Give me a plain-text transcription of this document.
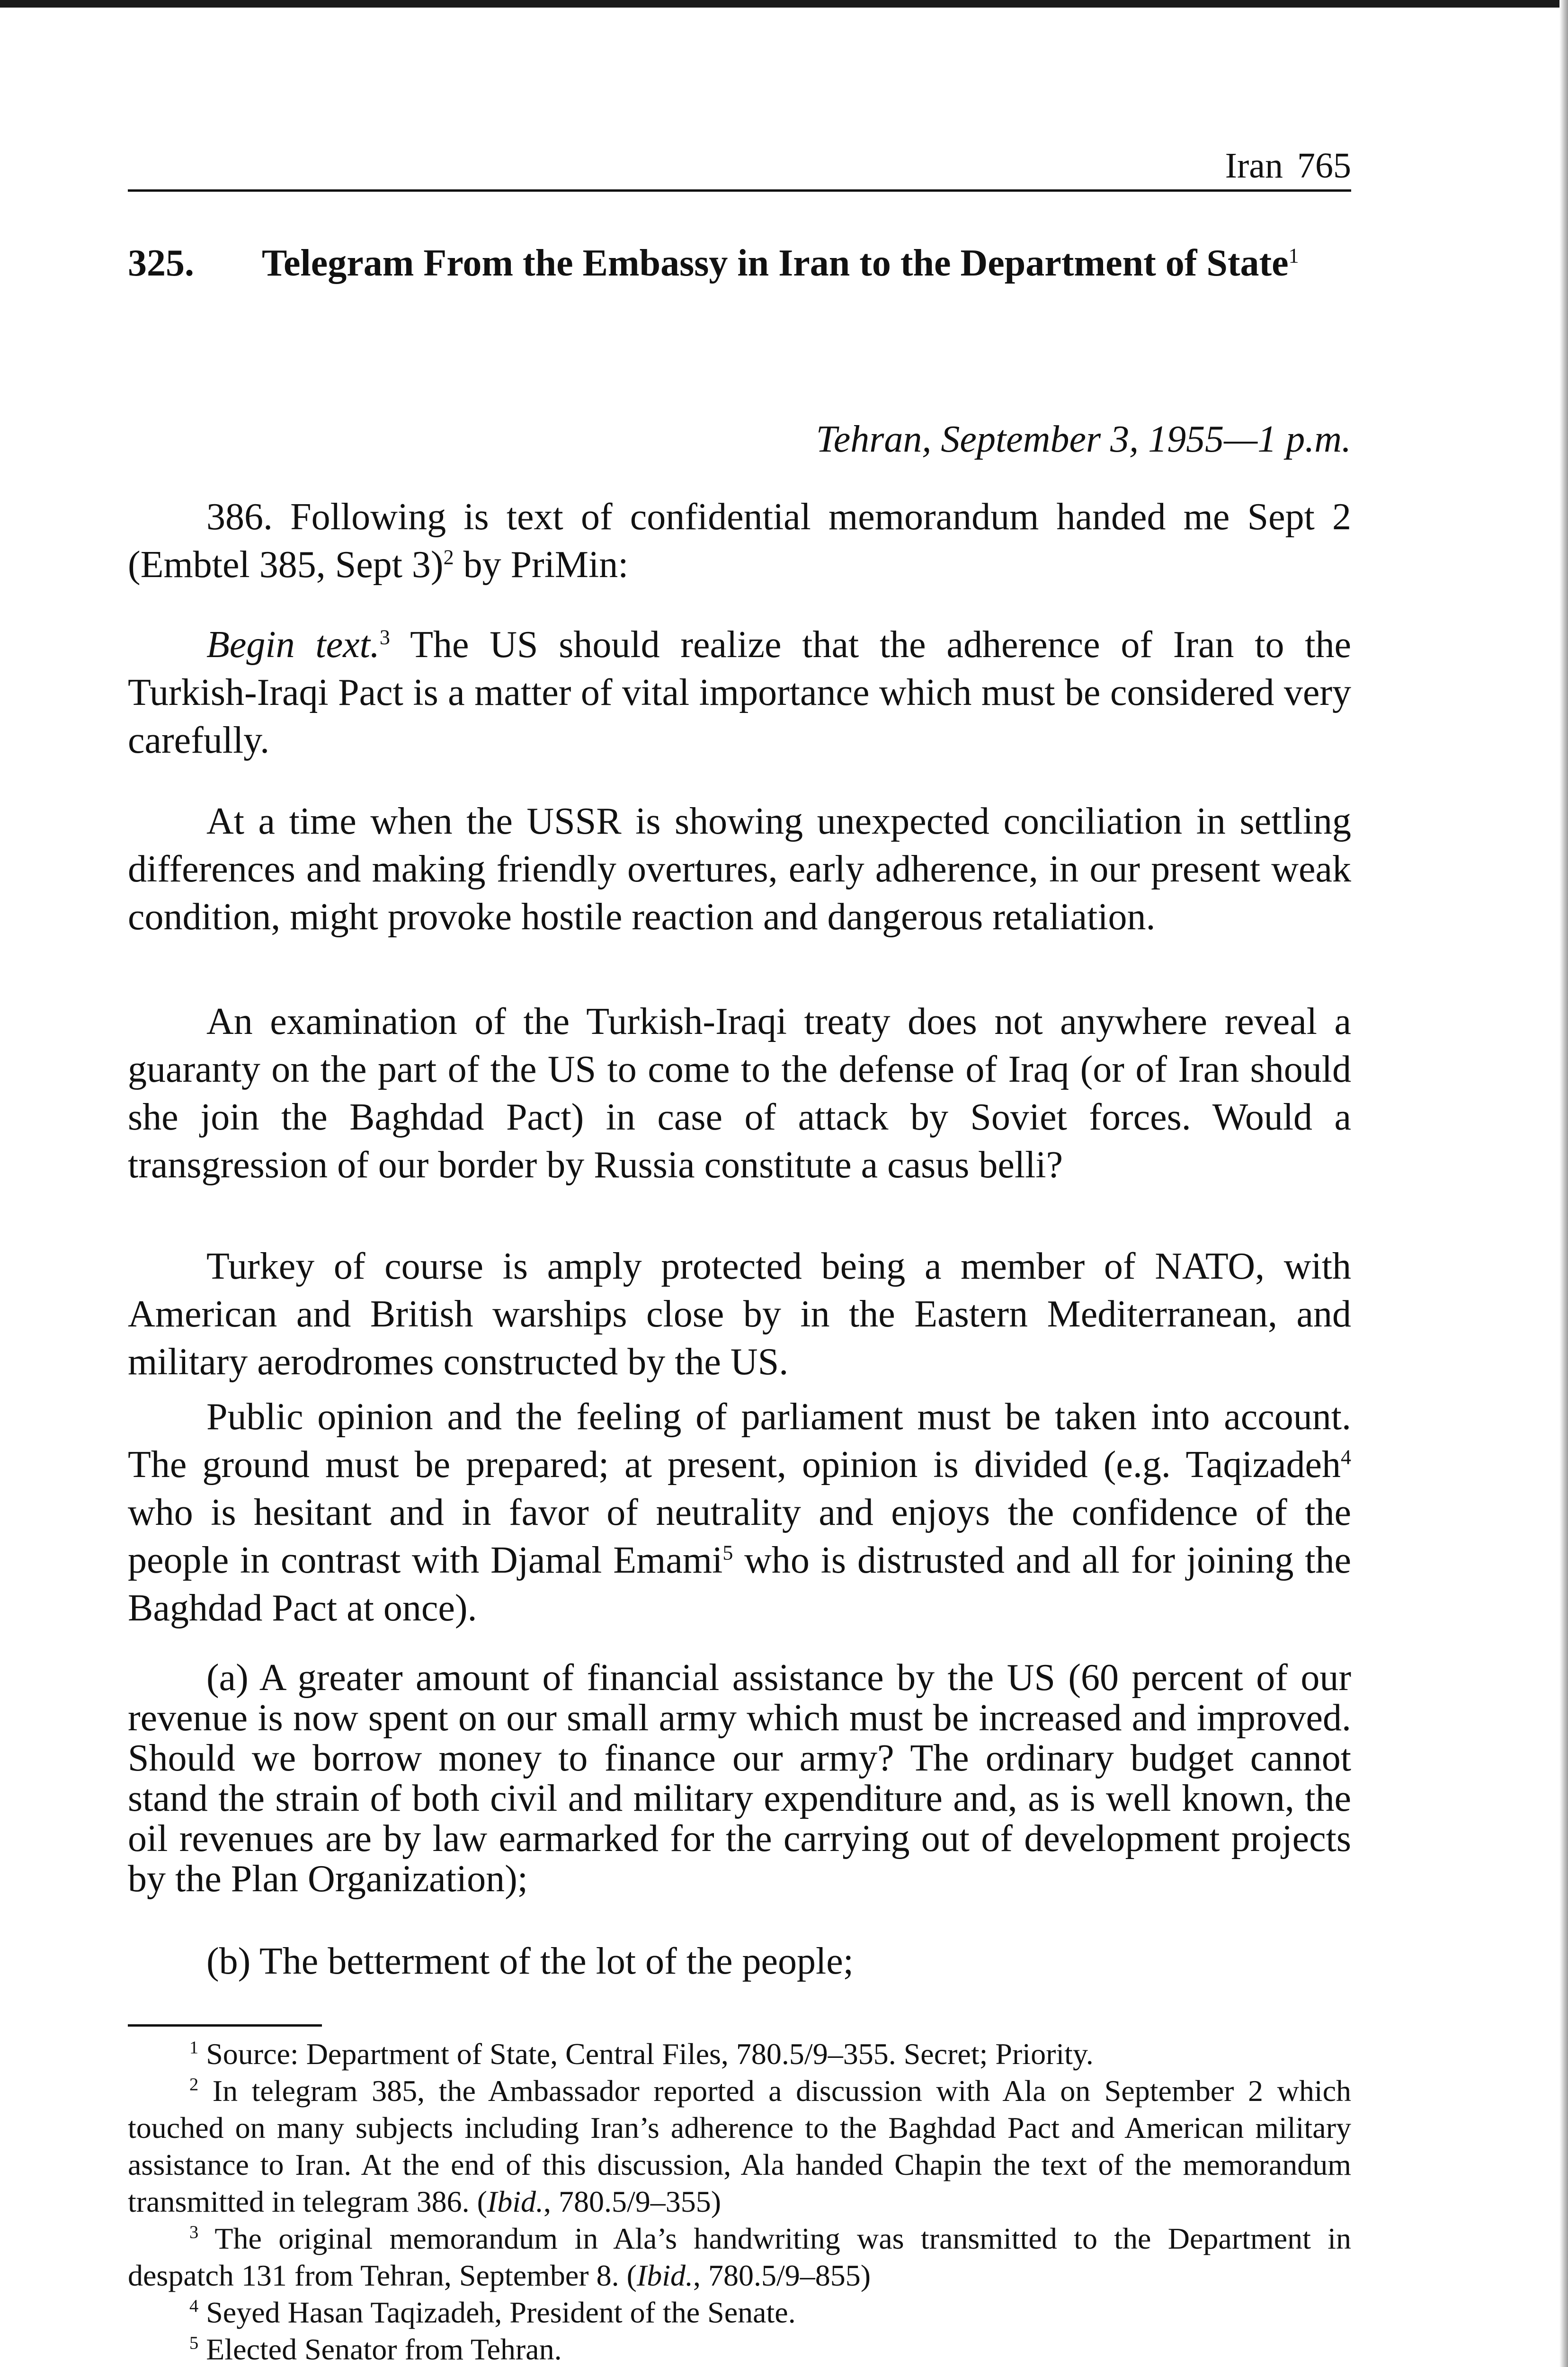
Iran 765
325. Telegram From the Embassy in Iran to the Department of State$^1$
Tehran, September 3, 1955—1 p.m.

386. Following is text of confidential memorandum handed me Sept 2 (Embtel 385, Sept 3)$^2$ by PriMin:

Begin text.$^3$ The US should realize that the adherence of Iran to the Turkish-Iraqi Pact is a matter of vital importance which must be considered very carefully.

At a time when the USSR is showing unexpected conciliation in settling differences and making friendly overtures, early adherence, in our present weak condition, might provoke hostile reaction and dangerous retaliation.

An examination of the Turkish-Iraqi treaty does not anywhere reveal a guaranty on the part of the US to come to the defense of Iraq (or of Iran should she join the Baghdad Pact) in case of attack by Soviet forces. Would a transgression of our border by Russia constitute a casus belli?

Turkey of course is amply protected being a member of NATO, with American and British warships close by in the Eastern Mediterranean, and military aerodromes constructed by the US.

Public opinion and the feeling of parliament must be taken into account. The ground must be prepared; at present, opinion is divided (e.g. Taqizadeh$^4$ who is hesitant and in favor of neutrality and enjoys the confidence of the people in contrast with Djamal Emami$^5$ who is distrusted and all for joining the Baghdad Pact at once).

(a) A greater amount of financial assistance by the US (60 percent of our revenue is now spent on our small army which must be increased and improved. Should we borrow money to finance our army? The ordinary budget cannot stand the strain of both civil and military expenditure and, as is well known, the oil revenues are by law earmarked for the carrying out of development projects by the Plan Organization);

(b) The betterment of the lot of the people;

$^1$ Source: Department of State, Central Files, 780.5/9–355. Secret; Priority.

$^2$ In telegram 385, the Ambassador reported a discussion with Ala on September 2 which touched on many subjects including Iran’s adherence to the Baghdad Pact and American military assistance to Iran. At the end of this discussion, Ala handed Chapin the text of the memorandum transmitted in telegram 386. (Ibid., 780.5/9–355)

$^3$ The original memorandum in Ala’s handwriting was transmitted to the Department in despatch 131 from Tehran, September 8. (Ibid., 780.5/9–855)

$^4$ Seyed Hasan Taqizadeh, President of the Senate.

$^5$ Elected Senator from Tehran.
